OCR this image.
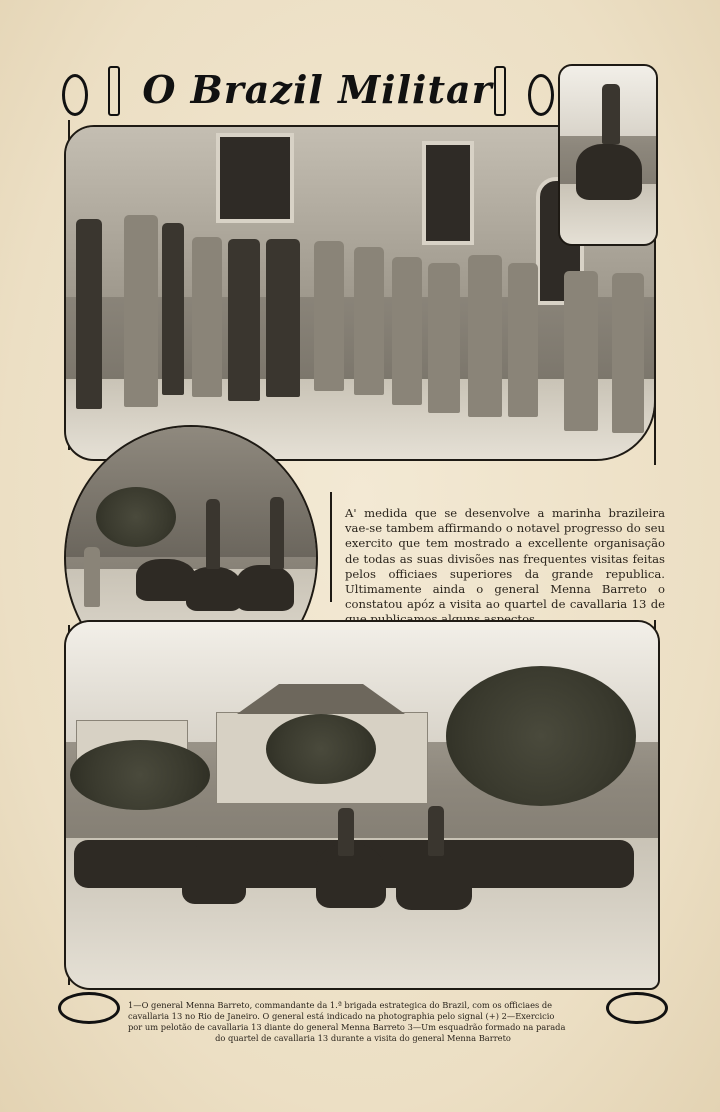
O Brazil Militar
A' medida que se desenvolve a marinha brazileira vae-se tambem affirmando o notavel progresso do seu exercito que tem mostrado a excellente organisação de todas as suas divisões nas frequentes visitas feitas pelos officiaes superiores da grande republica. Ultimamente ainda o general Menna Barreto o constatou apóz a visita ao quartel de cavallaria 13 de
1—O general Menna Barreto, commandante da 1.ª brigada estrategica do Brazil, com os officiaes de
cavallaria 13 no Rio de Janeiro. O general está indicado na photographia pelo signal (+) 2—Exercicio
por um pelotão de cavallaria 13 diante do general Menna Barreto 3—Um esquadrão formado na parada
do quartel de cavallaria 13 durante a visita do general Menna Barreto
